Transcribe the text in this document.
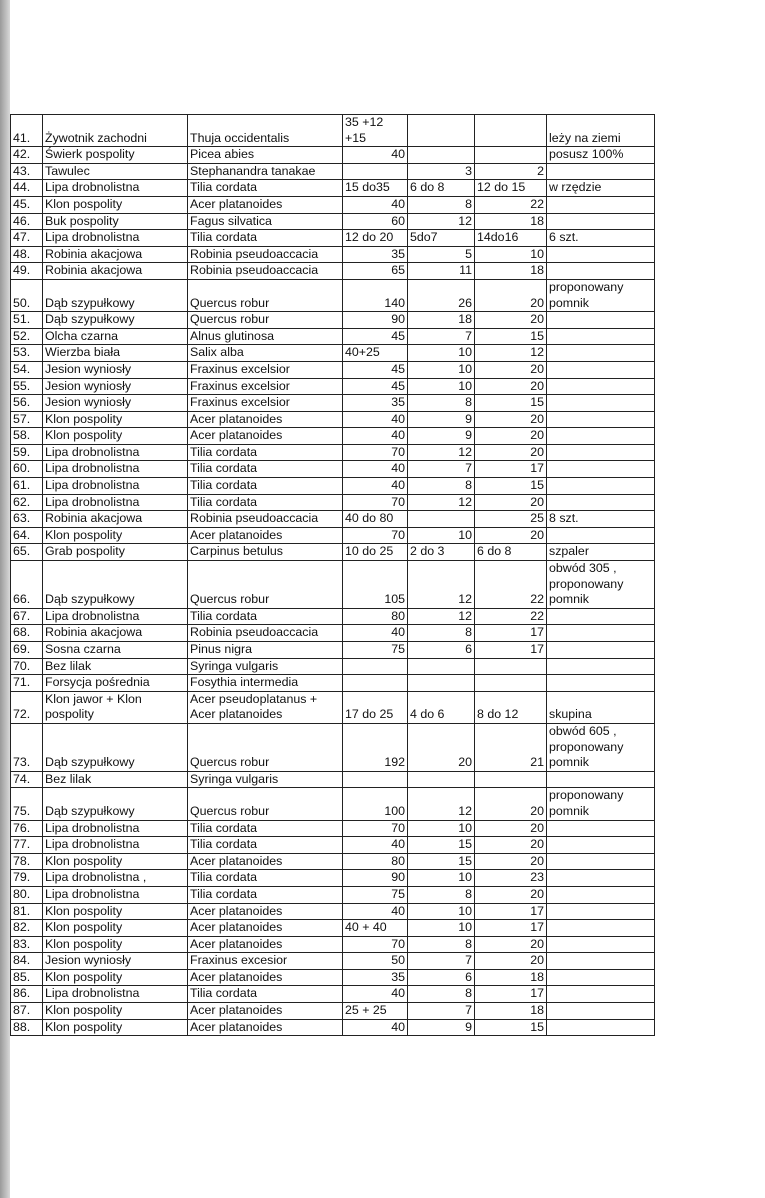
41.	Żywotnik zachodni	Thuja occidentalis	35 +12
+15			leży na ziemi
42.	Świerk pospolity	Picea abies	40			posusz 100%
43.	Tawulec	Stephanandra tanakae		3	2	
44.	Lipa drobnolistna	Tilia cordata	15 do35	6 do 8	12 do 15	w rzędzie
45.	Klon pospolity	Acer platanoides	40	8	22	
46.	Buk pospolity	Fagus silvatica	60	12	18	
47.	Lipa drobnolistna	Tilia cordata	12 do 20	5do7	14do16	6 szt.
48.	Robinia akacjowa	Robinia pseudoaccacia	35	5	10	
49.	Robinia akacjowa	Robinia pseudoaccacia	65	11	18	
50.	Dąb szypułkowy	Quercus robur	140	26	20	proponowany
pomnik
51.	Dąb szypułkowy	Quercus robur	90	18	20	
52.	Olcha czarna	Alnus glutinosa	45	7	15	
53.	Wierzba biała	Salix alba	40+25	10	12	
54.	Jesion wyniosły	Fraxinus excelsior	45	10	20	
55.	Jesion wyniosły	Fraxinus excelsior	45	10	20	
56.	Jesion wyniosły	Fraxinus excelsior	35	8	15	
57.	Klon pospolity	Acer platanoides	40	9	20	
58.	Klon pospolity	Acer platanoides	40	9	20	
59.	Lipa drobnolistna	Tilia cordata	70	12	20	
60.	Lipa drobnolistna	Tilia cordata	40	7	17	
61.	Lipa drobnolistna	Tilia cordata	40	8	15	
62.	Lipa drobnolistna	Tilia cordata	70	12	20	
63.	Robinia akacjowa	Robinia pseudoaccacia	40 do 80		25	8 szt.
64.	Klon pospolity	Acer platanoides	70	10	20	
65.	Grab pospolity	Carpinus betulus	10 do 25	2 do 3	6 do 8	szpaler
66.	Dąb szypułkowy	Quercus robur	105	12	22	obwód 305 ,
proponowany
pomnik
67.	Lipa drobnolistna	Tilia cordata	80	12	22	
68.	Robinia akacjowa	Robinia pseudoaccacia	40	8	17	
69.	Sosna czarna	Pinus nigra	75	6	17	
70.	Bez lilak	Syringa vulgaris				
71.	Forsycja pośrednia	Fosythia intermedia				
72.	Klon jawor + Klon
pospolity	Acer pseudoplatanus +
Acer platanoides	17 do 25	4 do 6	8 do 12	skupina
73.	Dąb szypułkowy	Quercus robur	192	20	21	obwód 605 ,
proponowany
pomnik
74.	Bez lilak	Syringa vulgaris				
75.	Dąb szypułkowy	Quercus robur	100	12	20	proponowany
pomnik
76.	Lipa drobnolistna	Tilia cordata	70	10	20	
77.	Lipa drobnolistna	Tilia cordata	40	15	20	
78.	Klon pospolity	Acer platanoides	80	15	20	
79.	Lipa drobnolistna ,	Tilia cordata	90	10	23	
80.	Lipa drobnolistna	Tilia cordata	75	8	20	
81.	Klon pospolity	Acer platanoides	40	10	17	
82.	Klon pospolity	Acer platanoides	40 + 40	10	17	
83.	Klon pospolity	Acer platanoides	70	8	20	
84.	Jesion wyniosły	Fraxinus excesior	50	7	20	
85.	Klon pospolity	Acer platanoides	35	6	18	
86.	Lipa drobnolistna	Tilia cordata	40	8	17	
87.	Klon pospolity	Acer platanoides	25 + 25	7	18	
88.	Klon pospolity	Acer platanoides	40	9	15	
